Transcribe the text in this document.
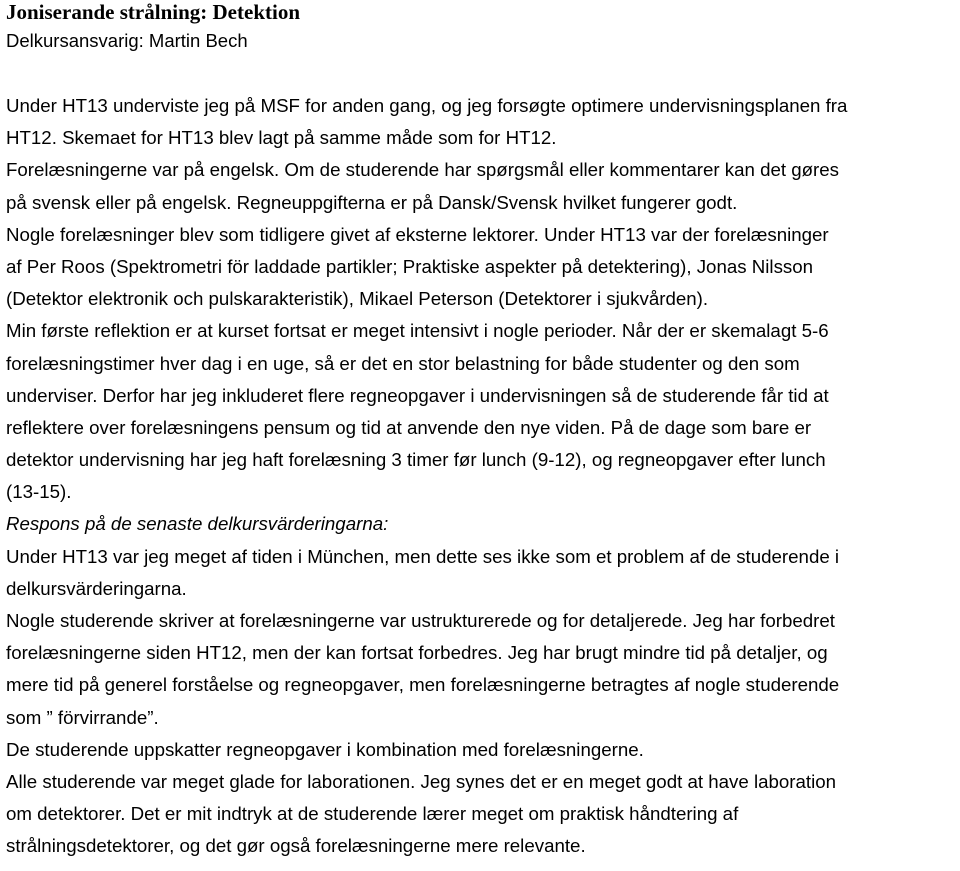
Joniserande strålning: Detektion
Delkursansvarig: Martin Bech
Under HT13 underviste jeg på MSF for anden gang, og jeg forsøgte optimere undervisningsplanen fra
HT12. Skemaet for HT13 blev lagt på samme måde som for HT12.
Forelæsningerne var på engelsk. Om de studerende har spørgsmål eller kommentarer kan det gøres
på svensk eller på engelsk. Regneuppgifterna er på Dansk/Svensk hvilket fungerer godt.
Nogle forelæsninger blev som tidligere givet af eksterne lektorer. Under HT13 var der forelæsninger
af Per Roos (Spektrometri för laddade partikler; Praktiske aspekter på detektering), Jonas Nilsson
(Detektor elektronik och pulskarakteristik), Mikael Peterson (Detektorer i sjukvården).
Min første reflektion er at kurset fortsat er meget intensivt i nogle perioder. Når der er skemalagt 5-6
forelæsningstimer hver dag i en uge, så er det en stor belastning for både studenter og den som
underviser. Derfor har jeg inkluderet flere regneopgaver i undervisningen så de studerende får tid at
reflektere over forelæsningens pensum og tid at anvende den nye viden. På de dage som bare er
detektor undervisning har jeg haft forelæsning 3 timer før lunch (9-12), og regneopgaver efter lunch
(13-15).
Respons på de senaste delkursvärderingarna:
Under HT13 var jeg meget af tiden i München, men dette ses ikke som et problem af de studerende i
delkursvärderingarna.
Nogle studerende skriver at forelæsningerne var ustrukturerede og for detaljerede. Jeg har forbedret
forelæsningerne siden HT12, men der kan fortsat forbedres. Jeg har brugt mindre tid på detaljer, og
mere tid på generel forståelse og regneopgaver, men forelæsningerne betragtes af nogle studerende
som ” förvirrande”.
De studerende uppskatter regneopgaver i kombination med forelæsningerne.
Alle studerende var meget glade for laborationen. Jeg synes det er en meget godt at have laboration
om detektorer. Det er mit indtryk at de studerende lærer meget om praktisk håndtering af
strålningsdetektorer, og det gør også forelæsningerne mere relevante.
